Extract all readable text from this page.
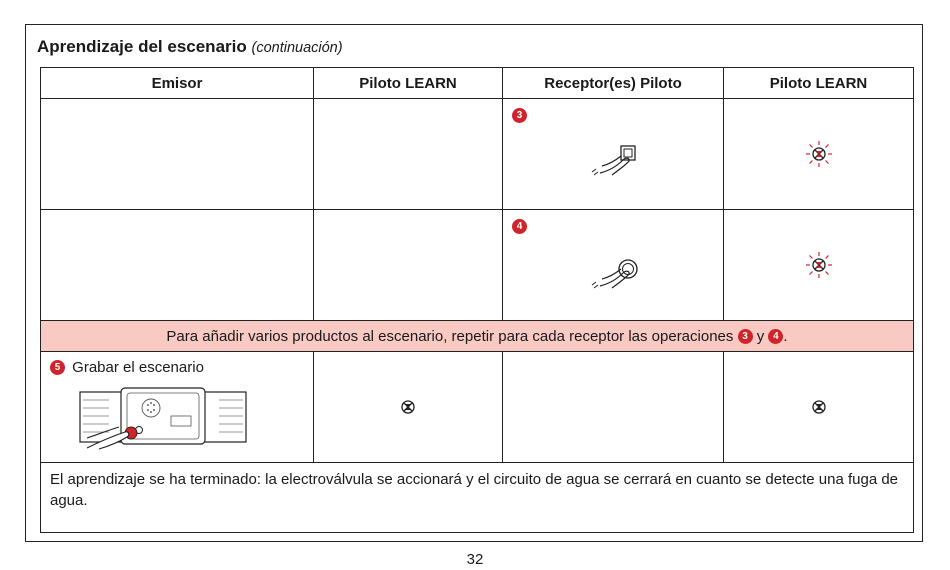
Aprendizaje del escenario (continuación)
Emisor	Piloto LEARN	Receptor(es) Piloto	Piloto LEARN

		3

		4

Para añadir varios productos al escenario, repetir para cada receptor las operaciones 3 y 4 .			

5 Grabar el escenario

El aprendizaje se ha terminado: la electroválvula se accionará y el circuito de agua se cerrará en cuanto se detecte una fuga de agua.			
32
